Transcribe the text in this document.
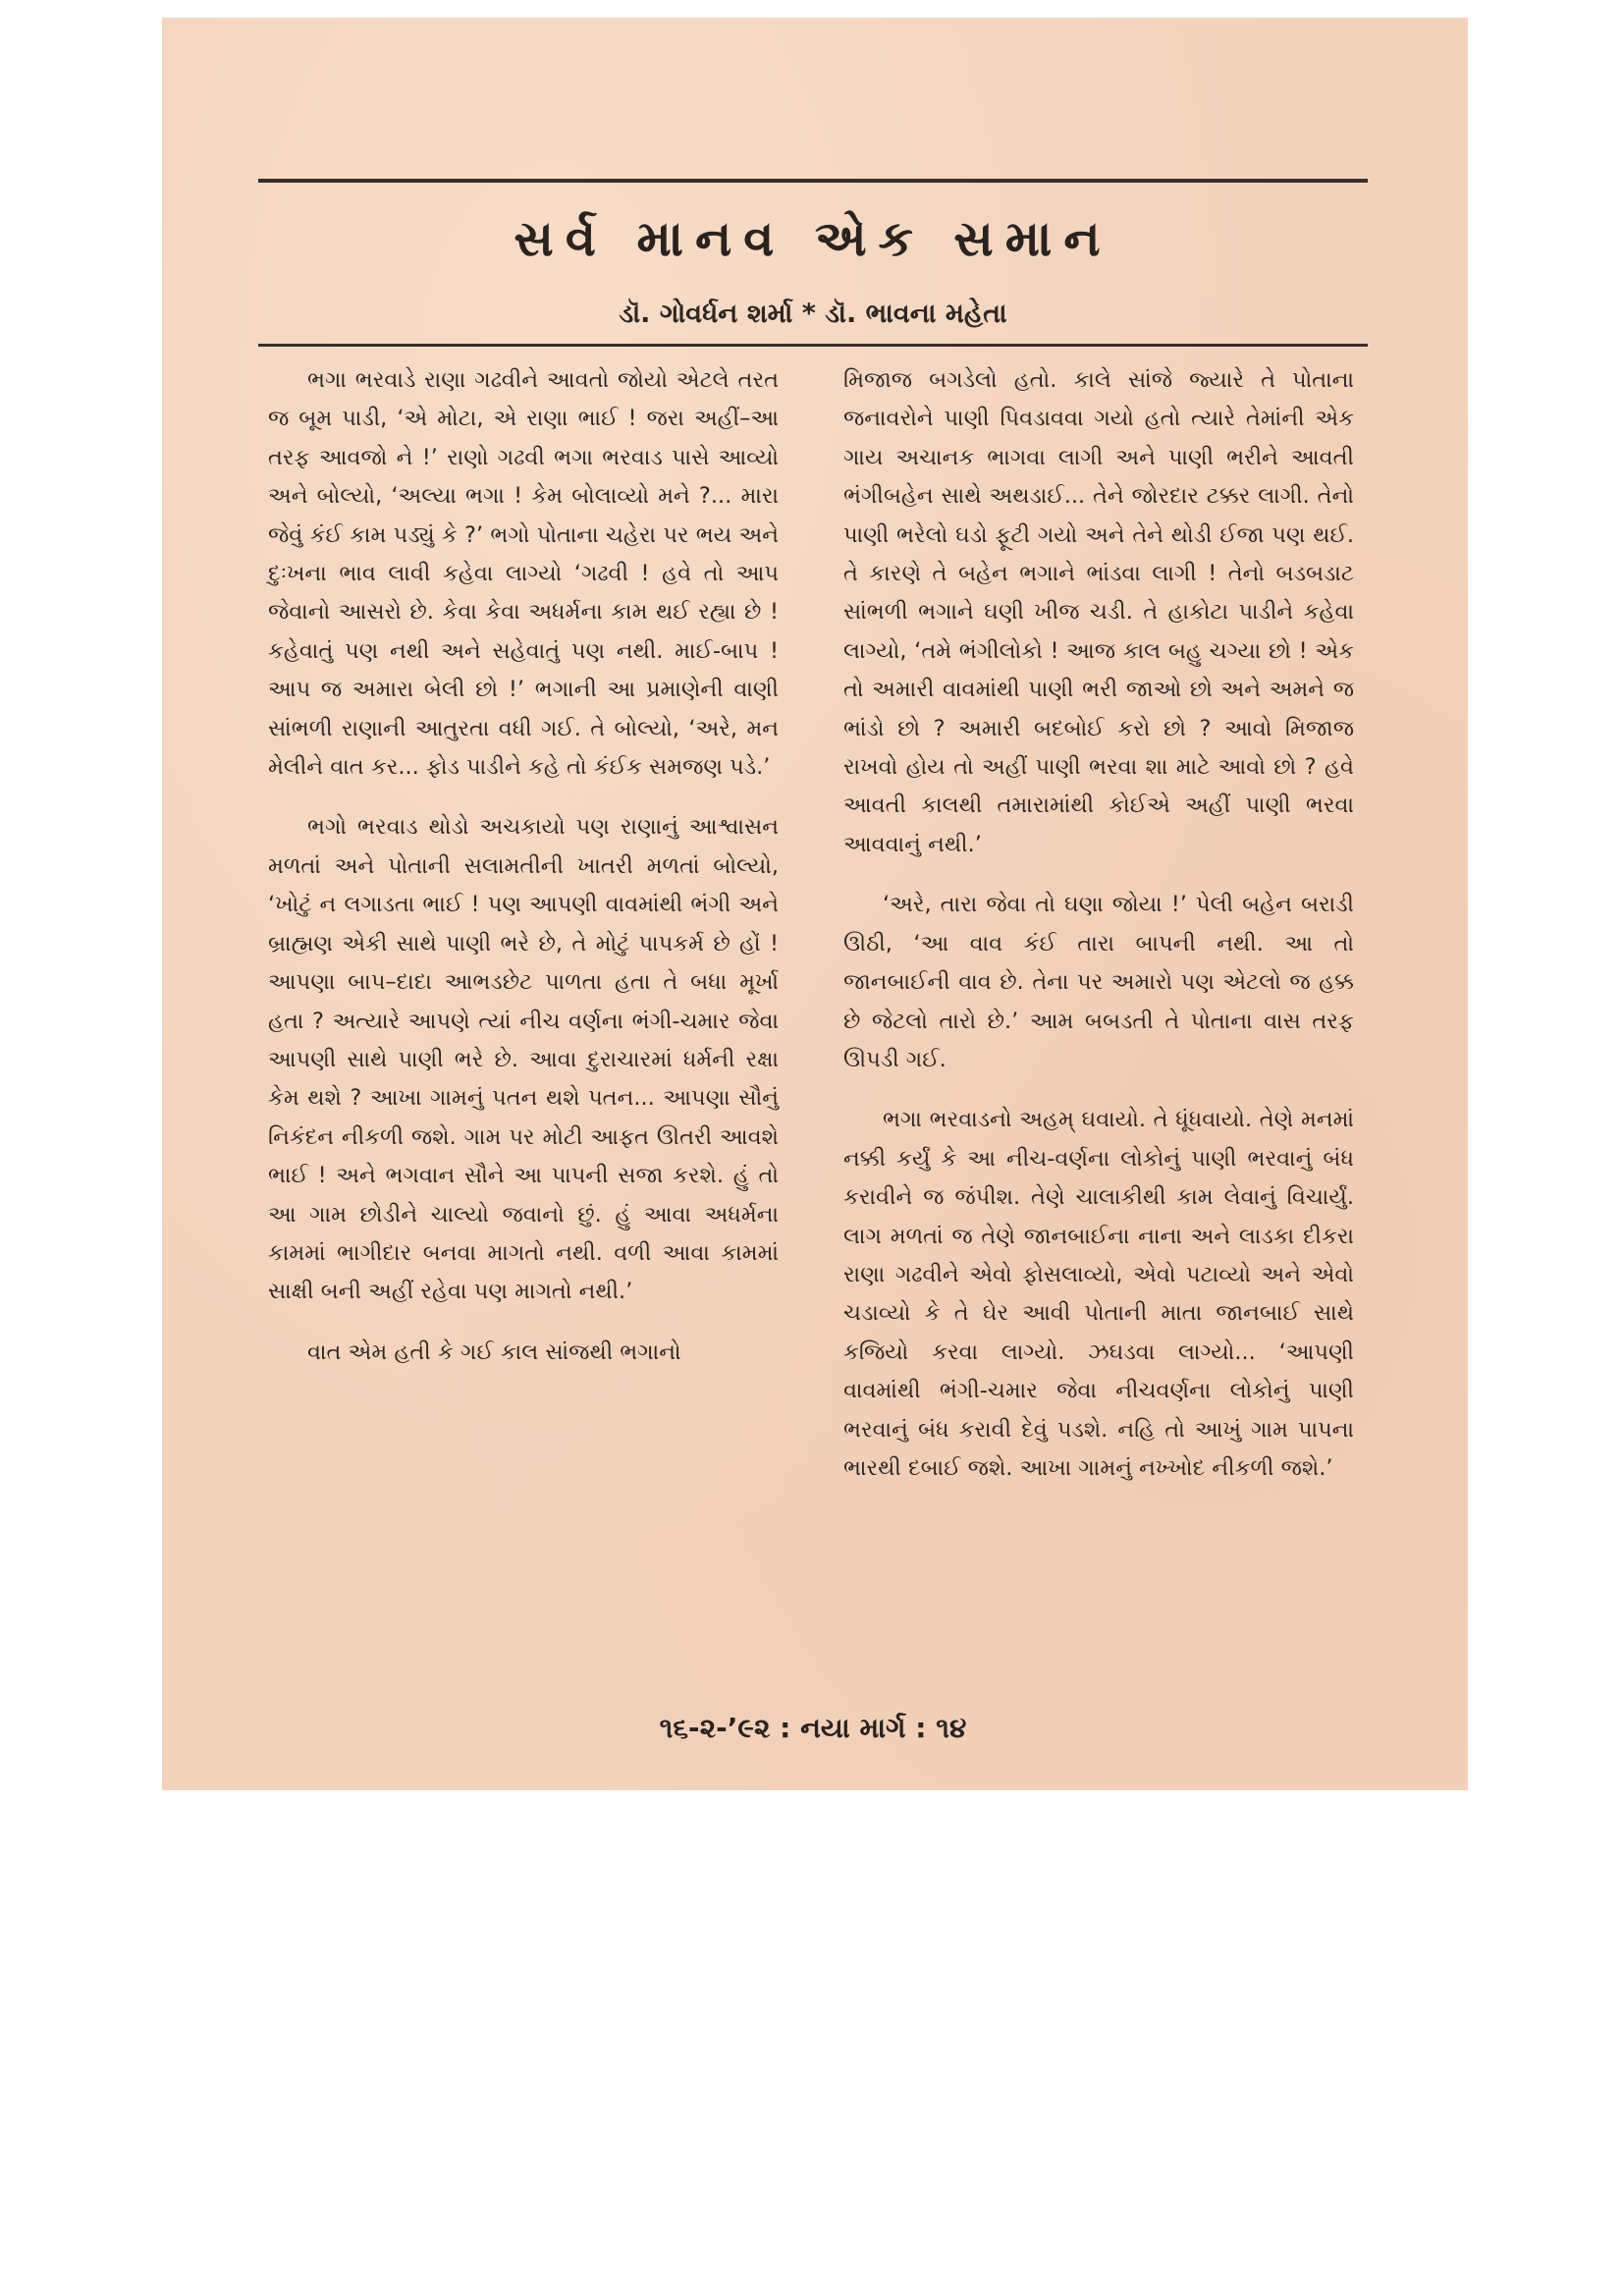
સર્વ માનવ એક સમાન

ડૉ. ગોવર્ધન શર્મા * ડૉ. ભાવના મહેતા

ભગા ભરવાડે રાણા ગઢવીને આવતો જોયો એટલે તરત જ બૂમ પાડી, ‘એ મોટા, એ રાણા ભાઈ ! જરા અહીં–આ તરફ આવજો ને !’ રાણો ગઢવી ભગા ભરવાડ પાસે આવ્યો અને બોલ્યો, ‘અલ્યા ભગા ! કેમ બોલાવ્યો મને ?... મારા જેવું કંઈ કામ પડ્યું કે ?’ ભગો પોતાના ચહેરા પર ભય અને દુઃખના ભાવ લાવી કહેવા લાગ્યો ‘ગઢવી ! હવે તો આપ જેવાનો આસરો છે. કેવા કેવા અધર્મના કામ થઈ રહ્યા છે ! કહેવાતું પણ નથી અને સહેવાતું પણ નથી. માઈ-બાપ ! આપ જ અમારા બેલી છો !’ ભગાની આ પ્રમાણેની વાણી સાંભળી રાણાની આતુરતા વધી ગઈ. તે બોલ્યો, ‘અરે, મન મેલીને વાત કર... ફોડ પાડીને કહે તો કંઈક સમજણ પડે.’

ભગો ભરવાડ થોડો અચકાયો પણ રાણાનું આશ્વાસન મળતાં અને પોતાની સલામતીની ખાતરી મળતાં બોલ્યો, ‘ખોટું ન લગાડતા ભાઈ ! પણ આપણી વાવમાંથી ભંગી અને બ્રાહ્મણ એકી સાથે પાણી ભરે છે, તે મોટું પાપકર્મ છે હોં ! આપણા બાપ–દાદા આભડછેટ પાળતા હતા તે બધા મૂર્ખા હતા ? અત્યારે આપણે ત્યાં નીચ વર્ણના ભંગી-ચમાર જેવા આપણી સાથે પાણી ભરે છે. આવા દુરાચારમાં ધર્મની રક્ષા કેમ થશે ? આખા ગામનું પતન થશે પતન... આપણા સૌનું નિકંદન નીકળી જશે. ગામ પર મોટી આફત ઊતરી આવશે ભાઈ ! અને ભગવાન સૌને આ પાપની સજા કરશે. હું તો આ ગામ છોડીને ચાલ્યો જવાનો છું. હું આવા અધર્મના કામમાં ભાગીદાર બનવા માગતો નથી. વળી આવા કામમાં સાક્ષી બની અહીં રહેવા પણ માગતો નથી.’

વાત એમ હતી કે ગઈ કાલ સાંજથી ભગાનો

મિજાજ બગડેલો હતો. કાલે સાંજે જ્યારે તે પોતાના જનાવરોને પાણી પિવડાવવા ગયો હતો ત્યારે તેમાંની એક ગાય અચાનક ભાગવા લાગી અને પાણી ભરીને આવતી ભંગીબહેન સાથે અથડાઈ... તેને જોરદાર ટક્કર લાગી. તેનો પાણી ભરેલો ઘડો ફૂટી ગયો અને તેને થોડી ઈજા પણ થઈ. તે કારણે તે બહેન ભગાને ભાંડવા લાગી ! તેનો બડબડાટ સાંભળી ભગાને ઘણી ખીજ ચડી. તે હાકોટા પાડીને કહેવા લાગ્યો, ‘તમે ભંગીલોકો ! આજ કાલ બહુ ચગ્યા છો ! એક તો અમારી વાવમાંથી પાણી ભરી જાઓ છો અને અમને જ ભાંડો છો ? અમારી બદબોઈ કરો છો ? આવો મિજાજ રાખવો હોય તો અહીં પાણી ભરવા શા માટે આવો છો ? હવે આવતી કાલથી તમારામાંથી કોઈએ અહીં પાણી ભરવા આવવાનું નથી.’

‘અરે, તારા જેવા તો ઘણા જોયા !’ પેલી બહેન બરાડી ઊઠી, ‘આ વાવ કંઈ તારા બાપની નથી. આ તો જાનબાઈની વાવ છે. તેના પર અમારો પણ એટલો જ હક્ક છે જેટલો તારો છે.’ આમ બબડતી તે પોતાના વાસ તરફ ઊપડી ગઈ.

ભગા ભરવાડનો અહમ્ ઘવાયો. તે ધૂંધવાયો. તેણે મનમાં નક્કી કર્યું કે આ નીચ-વર્ણના લોકોનું પાણી ભરવાનું બંધ કરાવીને જ જંપીશ. તેણે ચાલાકીથી કામ લેવાનું વિચાર્યું. લાગ મળતાં જ તેણે જાનબાઈના નાના અને લાડકા દીકરા રાણા ગઢવીને એવો ફોસલાવ્યો, એવો પટાવ્યો અને એવો ચડાવ્યો કે તે ઘેર આવી પોતાની માતા જાનબાઈ સાથે કજિયો કરવા લાગ્યો. ઝઘડવા લાગ્યો... ‘આપણી વાવમાંથી ભંગી-ચમાર જેવા નીચવર્ણના લોકોનું પાણી ભરવાનું બંધ કરાવી દેવું પડશે. નહિ તો આખું ગામ પાપના ભારથી દબાઈ જશે. આખા ગામનું નખ્ખોદ નીકળી જશે.’

૧૬-૨-’૯૨ : નયા માર્ગ : ૧૪
